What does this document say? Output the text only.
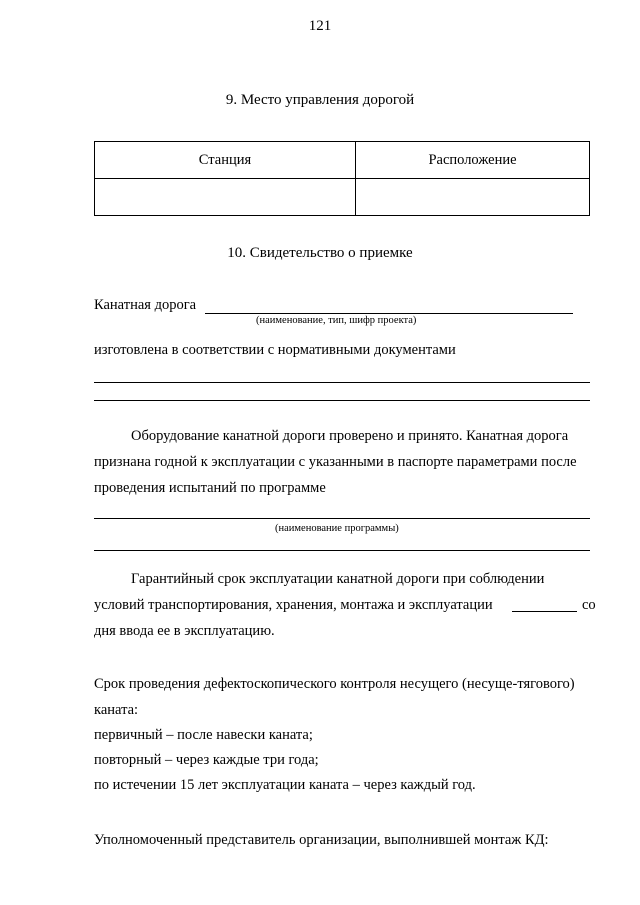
121
9. Место управления дорогой
Станция	Расположение

10. Свидетельство о приемке
Канатная дорога
(наименование, тип, шифр проекта)
изготовлена в соответствии с нормативными документами
Оборудование канатной дороги проверено и принято. Канатная дорога
признана годной к эксплуатации с указанными в паспорте параметрами после
проведения испытаний по программе
(наименование программы)
Гарантийный срок эксплуатации канатной дороги при соблюдении
условий транспортирования, хранения, монтажа и эксплуатации	со
дня ввода ее в эксплуатацию.
Срок проведения дефектоскопического контроля несущего (несуще-тягового)
каната:
первичный – после навески каната;
повторный – через каждые три года;
по истечении 15 лет эксплуатации каната – через каждый год.
Уполномоченный представитель организации, выполнившей монтаж КД:
